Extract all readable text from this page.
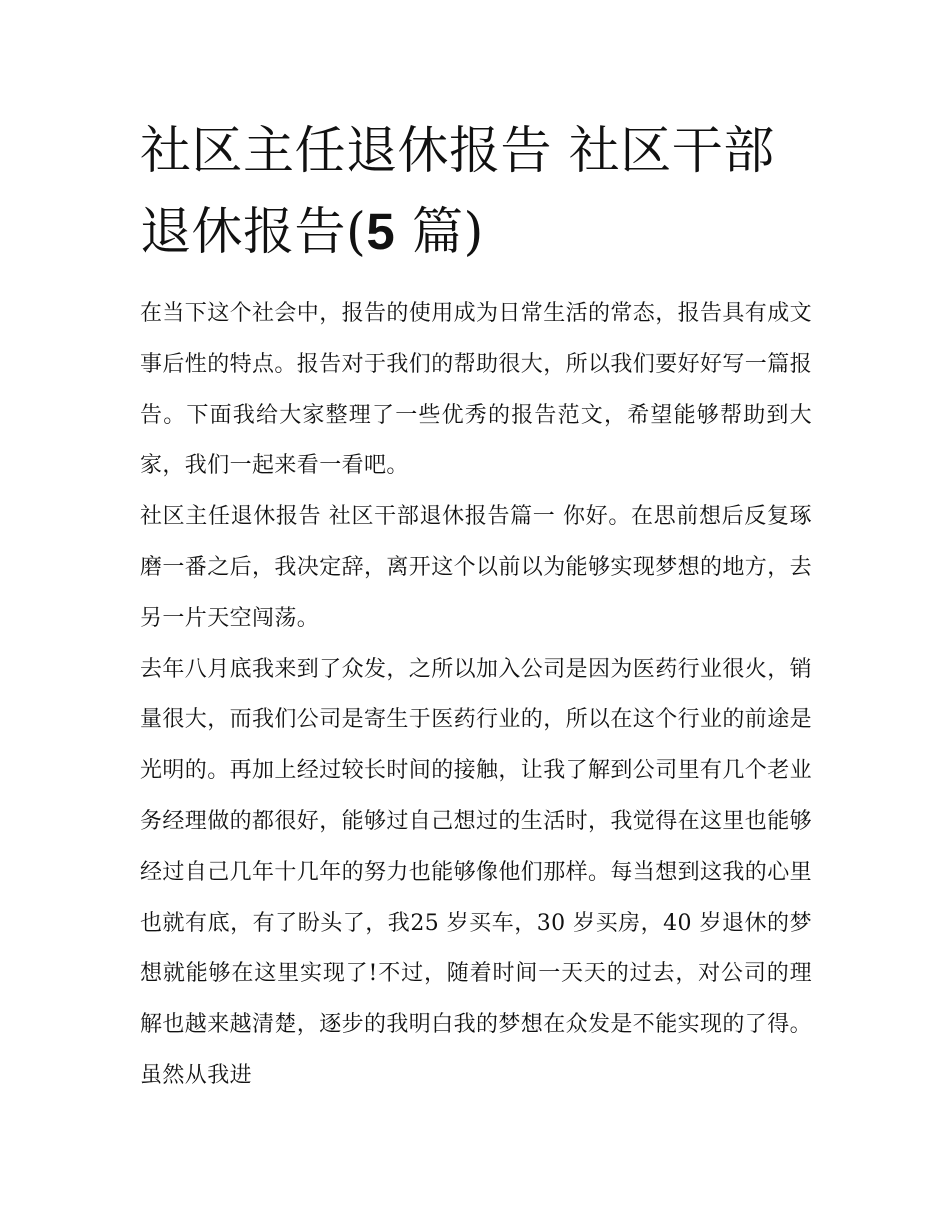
社区主任退休报告 社区干部退休报告(5 篇)

在当下这个社会中，报告的使用成为日常生活的常态，报告具有成文事后性的特点。报告对于我们的帮助很大，所以我们要好好写一篇报告。下面我给大家整理了一些优秀的报告范文，希望能够帮助到大家，我们一起来看一看吧。

社区主任退休报告 社区干部退休报告篇一 你好。在思前想后反复琢磨一番之后，我决定辞，离开这个以前以为能够实现梦想的地方，去另一片天空闯荡。

去年八月底我来到了众发，之所以加入公司是因为医药行业很火，销量很大，而我们公司是寄生于医药行业的，所以在这个行业的前途是光明的。再加上经过较长时间的接触，让我了解到公司里有几个老业务经理做的都很好，能够过自己想过的生活时，我觉得在这里也能够经过自己几年十几年的努力也能够像他们那样。每当想到这我的心里也就有底，有了盼头了，我25 岁买车，30 岁买房，40 岁退休的梦想就能够在这里实现了!不过，随着时间一天天的过去，对公司的理解也越来越清楚，逐步的我明白我的梦想在众发是不能实现的了得。虽然从我进
